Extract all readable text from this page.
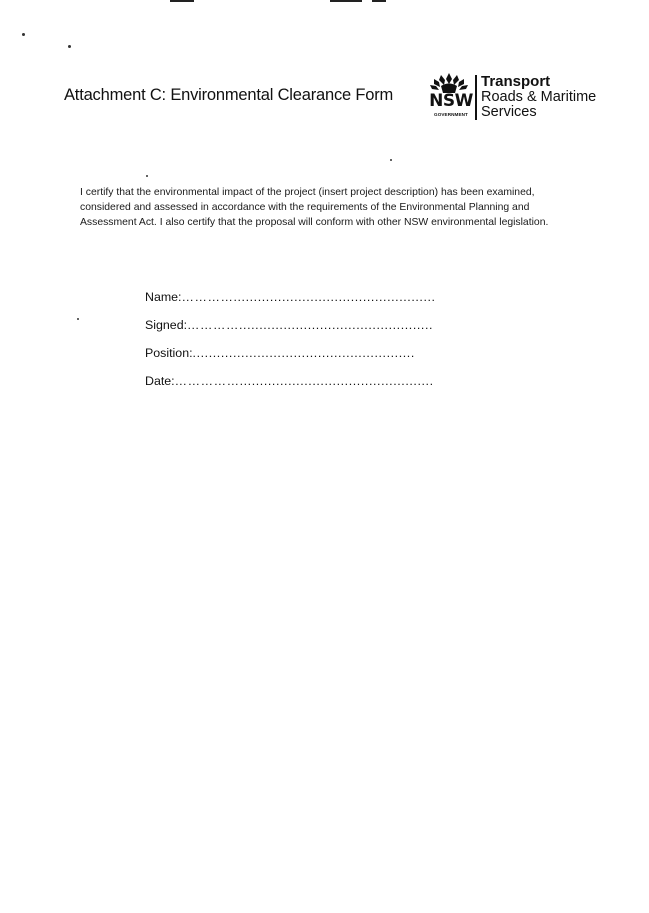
Attachment C: Environmental Clearance Form	NSW
GOVERNMENT
Transport
Roads & Maritime
Services
I certify that the environmental impact of the project (insert project description) has been examined, considered and assessed in accordance with the requirements of the Environmental Planning and Assessment Act. I also certify that the proposal will conform with other NSW environmental legislation.
Name:…………..................................................
Signed:…………................................................
Position:.......................................................
Date:……………................................................
